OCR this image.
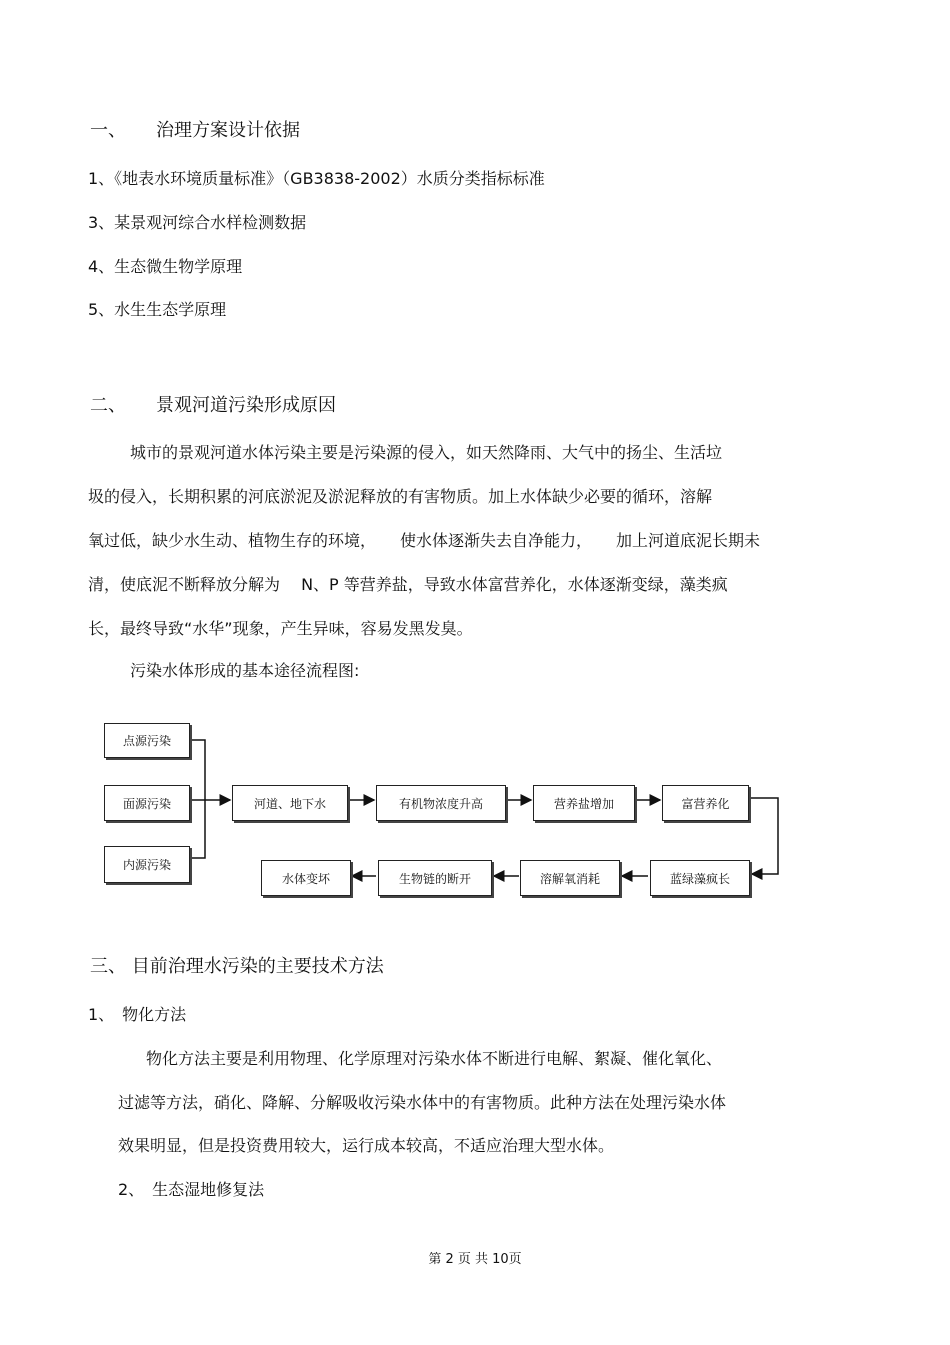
一、 治理方案设计依据
1、《地表水环境质量标准》（GB3838-2002）水质分类指标标准
3、某景观河综合水样检测数据
4、生态微生物学原理
5、水生生态学原理
二、 景观河道污染形成原因
城市的景观河道水体污染主要是污染源的侵入，如天然降雨、大气中的扬尘、生活垃
圾的侵入，长期积累的河底淤泥及淤泥释放的有害物质。加上水体缺少必要的循环，溶解
氧过低，缺少水生动、植物生存的环境，　　使水体逐渐失去自净能力，　　加上河道底泥长期未
清，使底泥不断释放分解为　 N、P 等营养盐，导致水体富营养化，水体逐渐变绿，藻类疯
长，最终导致“水华”现象，产生异味，容易发黑发臭。
污染水体形成的基本途径流程图:
点源污染
面源污染
内源污染
河道、地下水	有机物浓度升高	营养盐增加	富营养化
水体变坏	生物链的断开	溶解氧消耗	蓝绿藻疯长
三、 目前治理水污染的主要技术方法
1、　物化方法
物化方法主要是利用物理、化学原理对污染水体不断进行电解、絮凝、催化氧化、
过滤等方法，硝化、降解、分解吸收污染水体中的有害物质。此种方法在处理污染水体
效果明显，但是投资费用较大，运行成本较高，不适应治理大型水体。
2、　生态湿地修复法
第 2 页 共 10页
